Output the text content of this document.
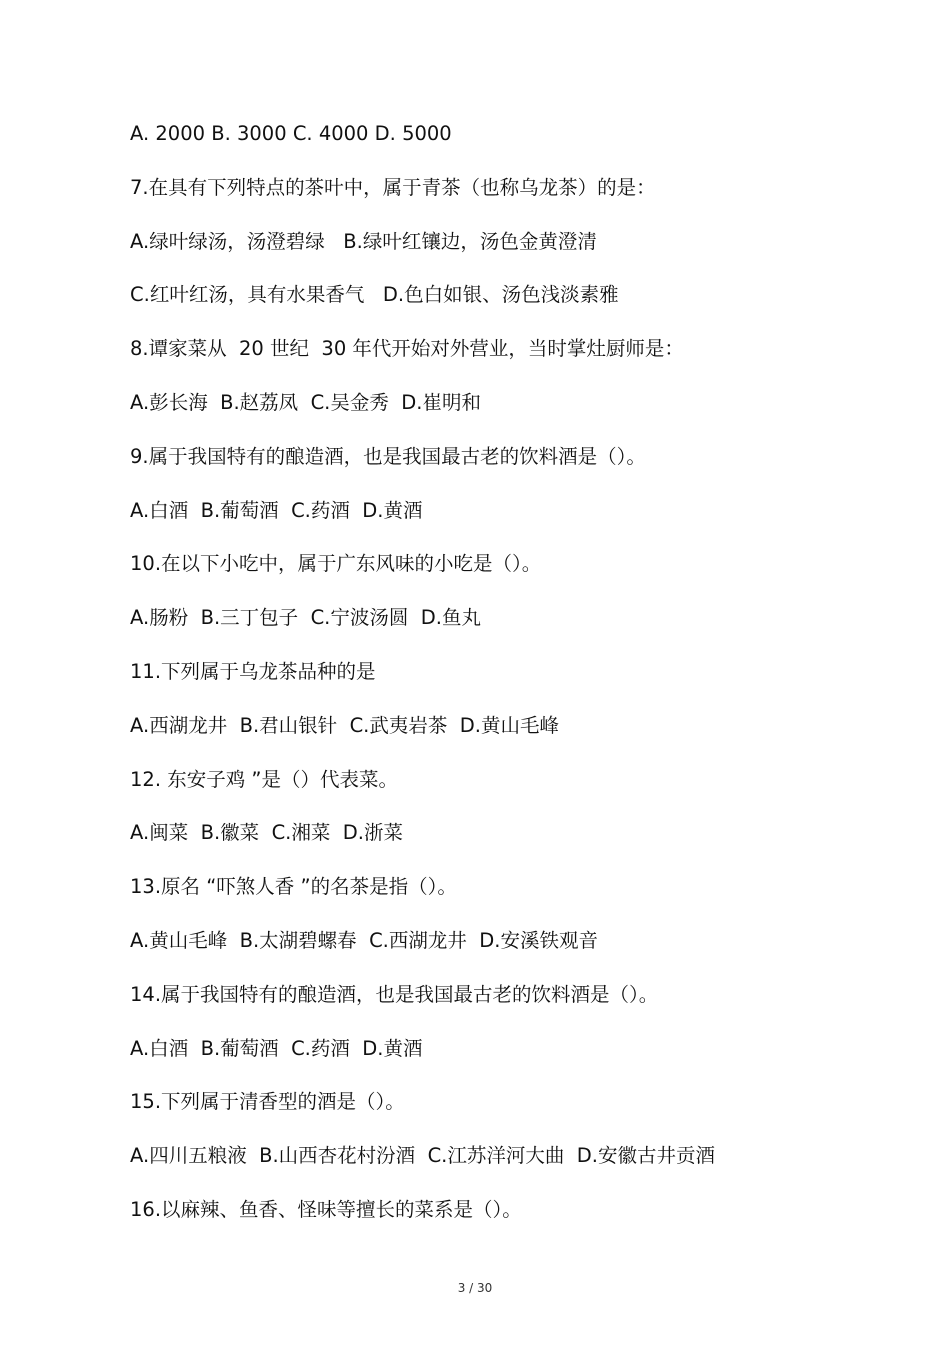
A. 2000 B. 3000 C. 4000 D. 5000
7.在具有下列特点的茶叶中，属于青茶（也称乌龙茶）的是：
A.绿叶绿汤，汤澄碧绿   B.绿叶红镶边，汤色金黄澄清
C.红叶红汤，具有水果香气   D.色白如银、汤色浅淡素雅
8.谭家菜从  20 世纪  30 年代开始对外营业，当时掌灶厨师是：
A.彭长海  B.赵荔凤  C.吴金秀  D.崔明和
9.属于我国特有的酿造酒，也是我国最古老的饮料酒是（）。
A.白酒  B.葡萄酒  C.药酒  D.黄酒
10.在以下小吃中，属于广东风味的小吃是（）。
A.肠粉  B.三丁包子  C.宁波汤圆  D.鱼丸
11.下列属于乌龙茶品种的是
A.西湖龙井  B.君山银针  C.武夷岩茶  D.黄山毛峰
12. 东安子鸡 ”是（）代表菜。
A.闽菜  B.徽菜  C.湘菜  D.浙菜
13.原名 “吓煞人香 ”的名茶是指（）。
A.黄山毛峰  B.太湖碧螺春  C.西湖龙井  D.安溪铁观音
14.属于我国特有的酿造酒，也是我国最古老的饮料酒是（）。
A.白酒  B.葡萄酒  C.药酒  D.黄酒
15.下列属于清香型的酒是（）。
A.四川五粮液  B.山西杏花村汾酒  C.江苏洋河大曲  D.安徽古井贡酒
16.以麻辣、鱼香、怪味等擅长的菜系是（）。
3 / 30
